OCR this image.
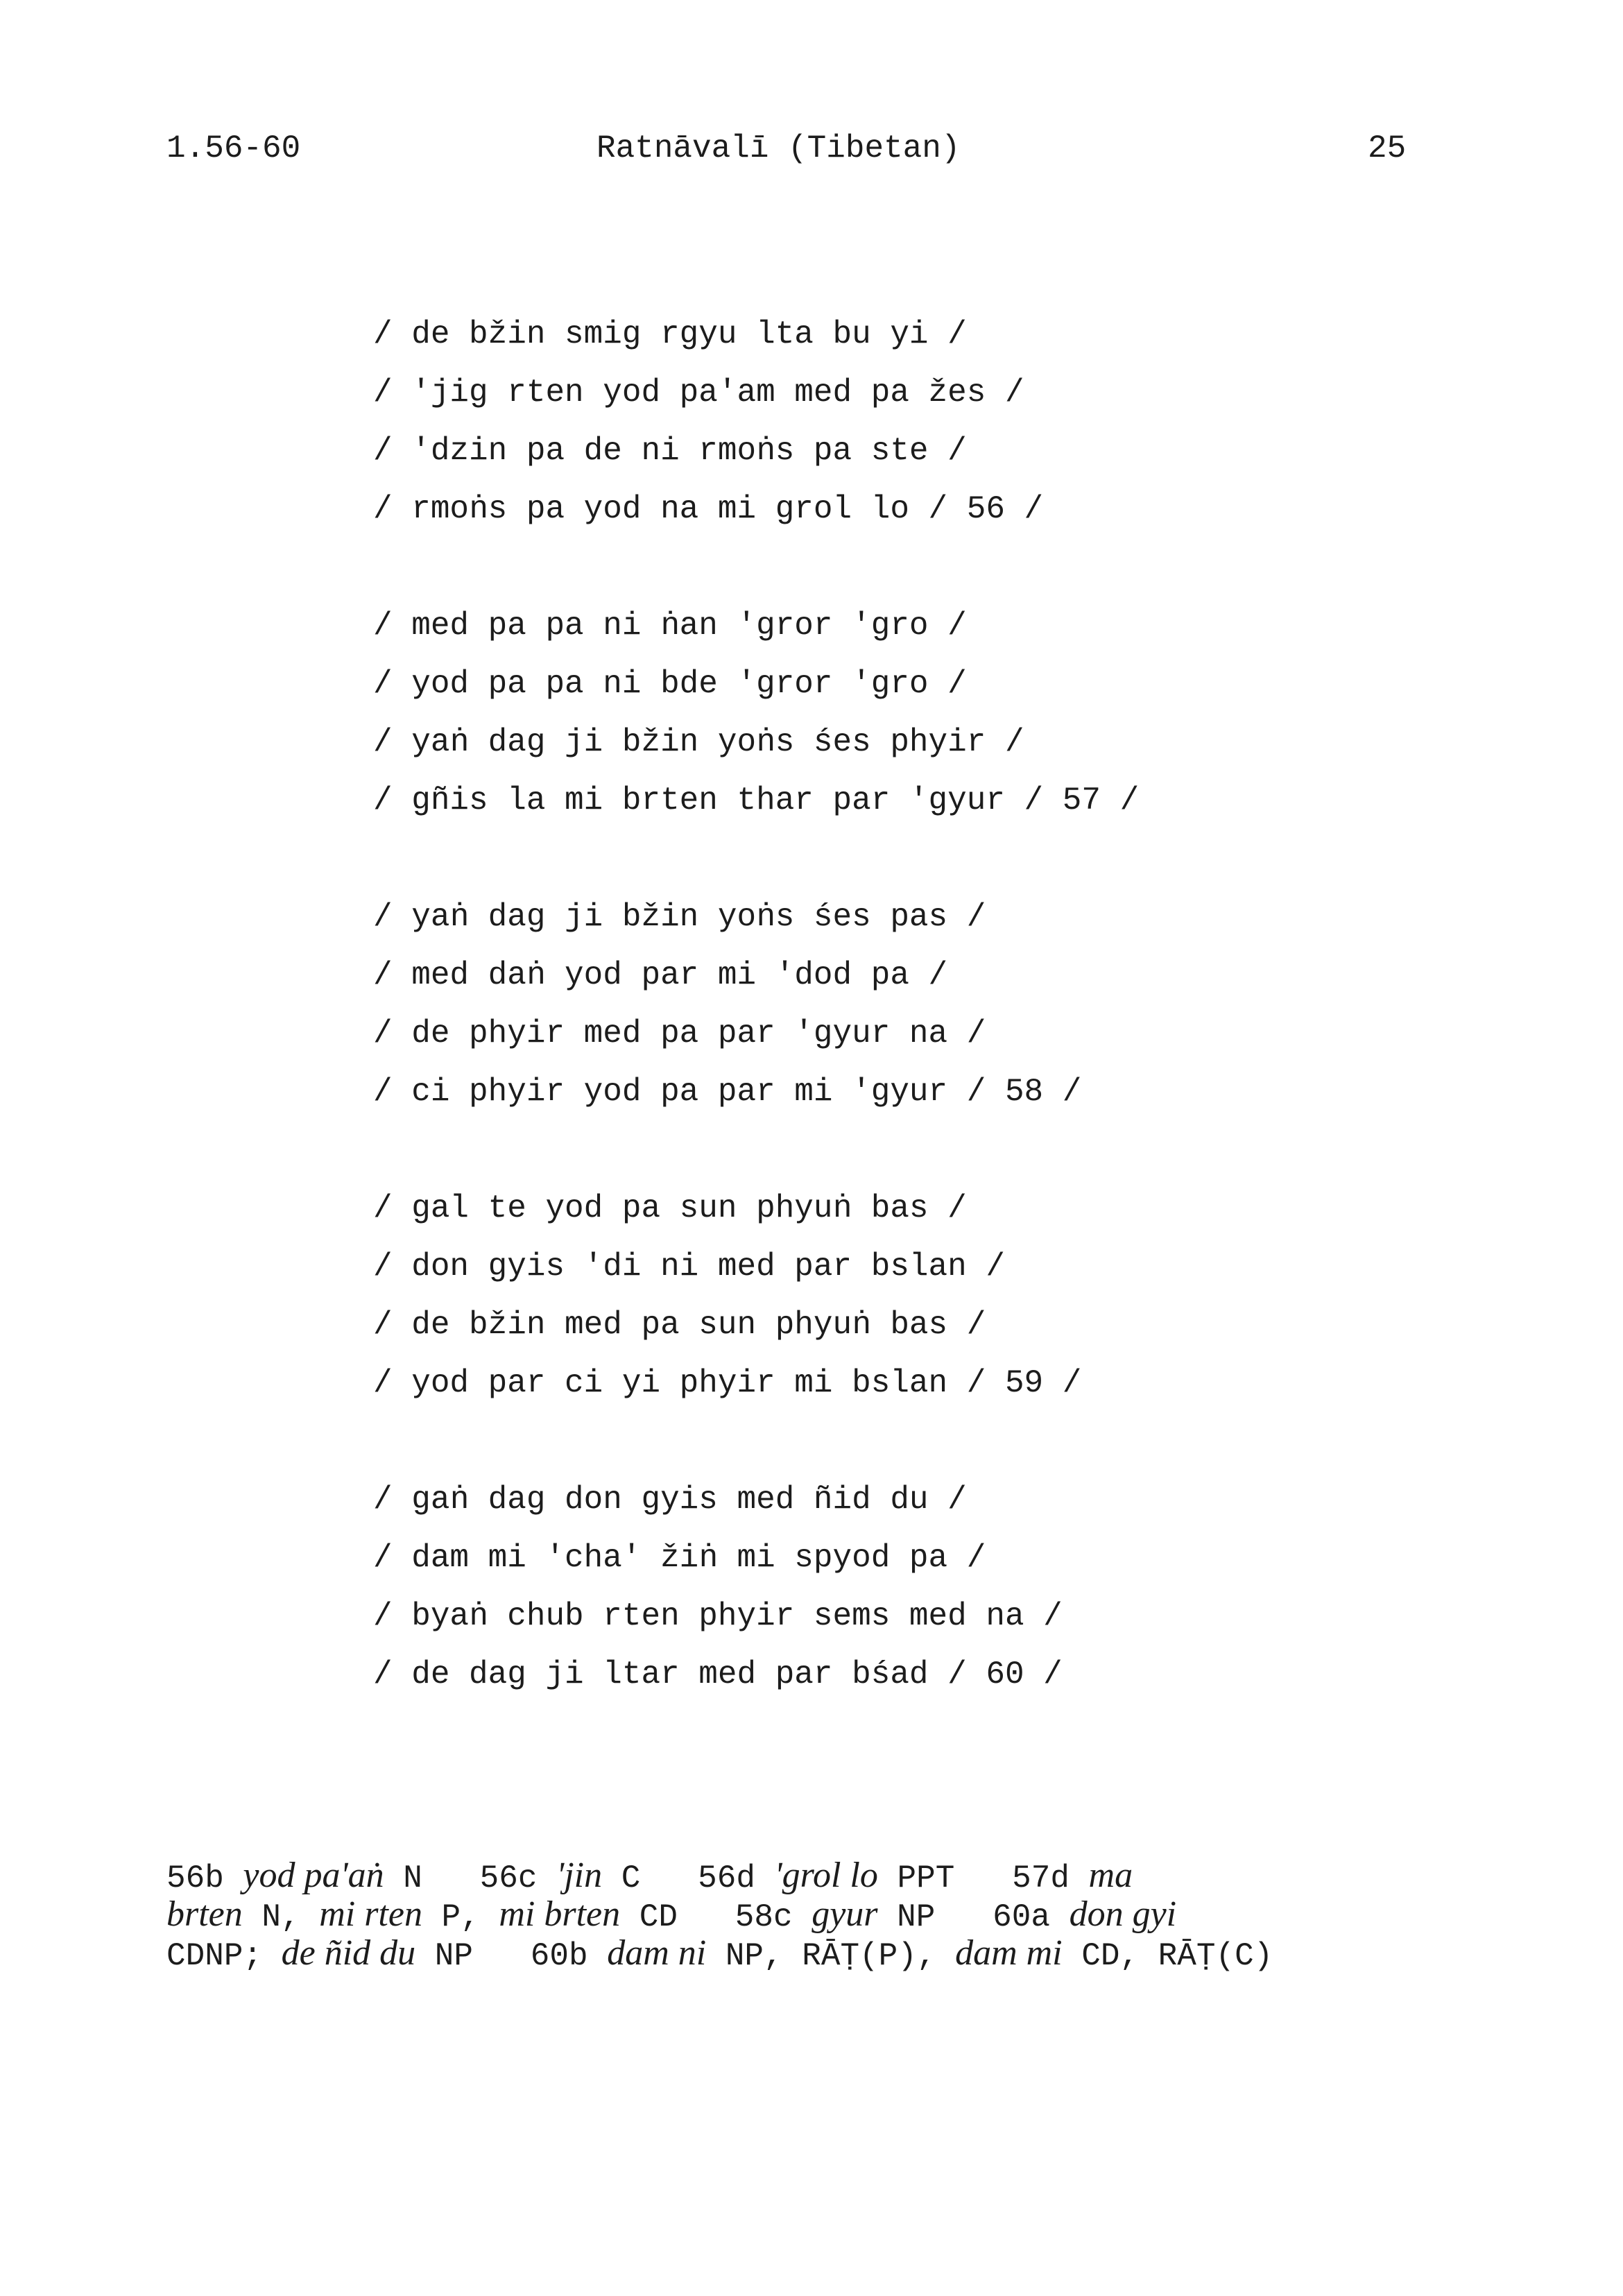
1.56-60	Ratnāvalī (Tibetan)	25
/ de bžin smig rgyu lta bu yi /
/ 'jig rten yod pa'am med pa žes /
/ 'dzin pa de ni rmoṅs pa ste /
/ rmoṅs pa yod na mi grol lo / 56 /
/ med pa pa ni ṅan 'gror 'gro /
/ yod pa pa ni bde 'gror 'gro /
/ yaṅ dag ji bžin yoṅs śes phyir /
/ gñis la mi brten thar par 'gyur / 57 /
/ yaṅ dag ji bžin yoṅs śes pas /
/ med daṅ yod par mi 'dod pa /
/ de phyir med pa par 'gyur na /
/ ci phyir yod pa par mi 'gyur / 58 /
/ gal te yod pa sun phyuṅ bas /
/ don gyis 'di ni med par bslan /
/ de bžin med pa sun phyuṅ bas /
/ yod par ci yi phyir mi bslan / 59 /
/ gaṅ dag don gyis med ñid du /
/ dam mi 'cha' žiṅ mi spyod pa /
/ byaṅ chub rten phyir sems med na /
/ de dag ji ltar med par bśad / 60 /
56b yod pa'aṅ N   56c 'jin C   56d 'grol lo PPT   57d ma
brten N, mi rten P, mi brten CD   58c gyur NP   60a don gyi
CDNP; de ñid du NP   60b dam ni NP, RĀṬ(P), dam mi CD, RĀṬ(C)
